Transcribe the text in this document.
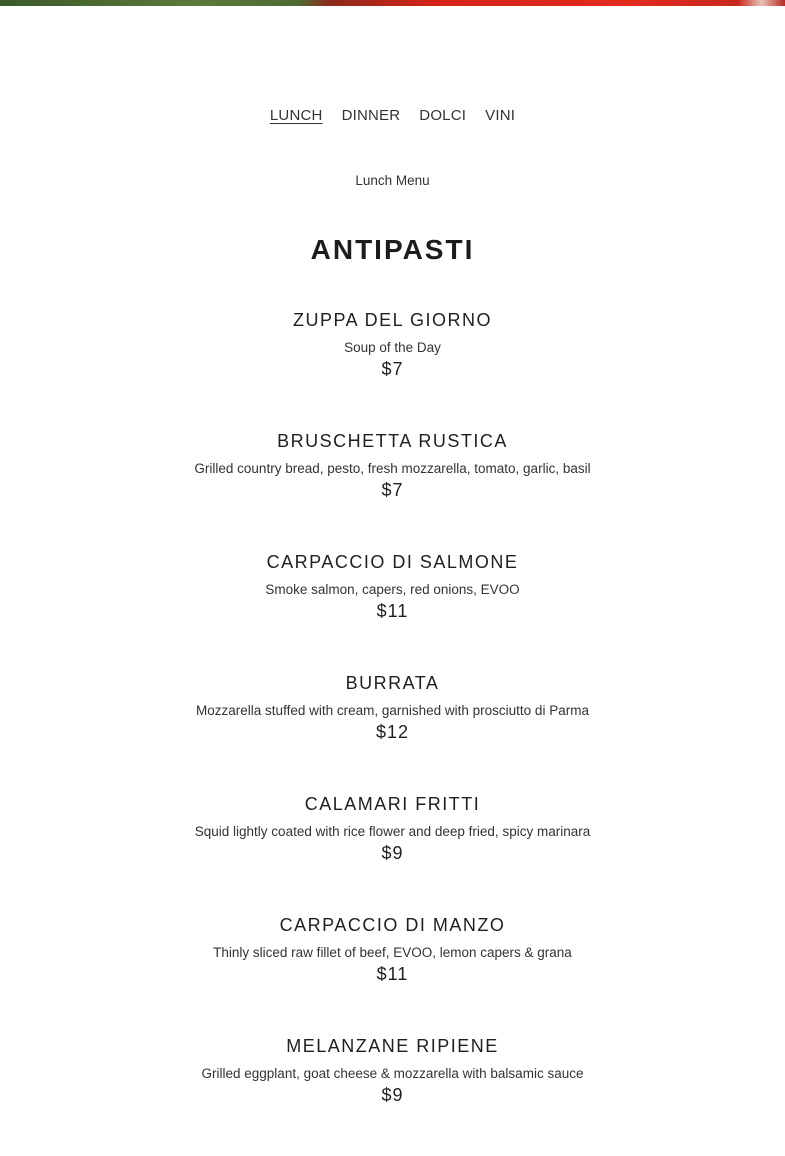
LUNCH DINNER DOLCI VINI
Lunch Menu
ANTIPASTI
ZUPPA DEL GIORNO
Soup of the Day
$7
BRUSCHETTA RUSTICA
Grilled country bread, pesto, fresh mozzarella, tomato, garlic, basil
$7
CARPACCIO DI SALMONE
Smoke salmon, capers, red onions, EVOO
$11
BURRATA
Mozzarella stuffed with cream, garnished with prosciutto di Parma
$12
CALAMARI FRITTI
Squid lightly coated with rice flower and deep fried, spicy marinara
$9
CARPACCIO DI MANZO
Thinly sliced raw fillet of beef, EVOO, lemon capers & grana
$11
MELANZANE RIPIENE
Grilled eggplant, goat cheese & mozzarella with balsamic sauce
$9
